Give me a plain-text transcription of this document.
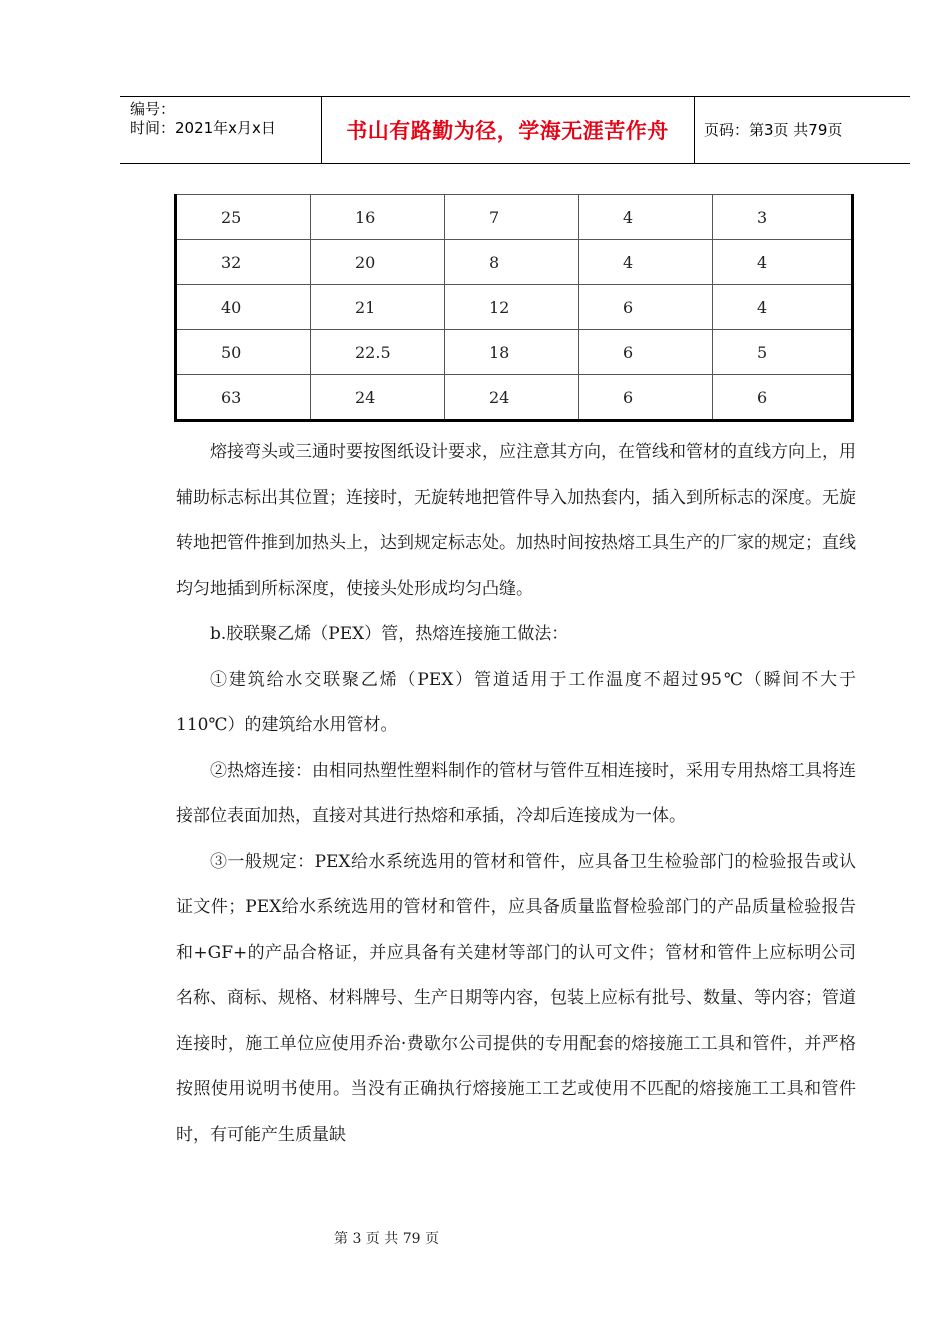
编号：
时间：2021年x月x日	书山有路勤为径，学海无涯苦作舟	页码：第3页 共79页
25	16	7	4	3
32	20	8	4	4
40	21	12	6	4
50	22.5	18	6	5
63	24	24	6	6

熔接弯头或三通时要按图纸设计要求，应注意其方向，在管线和管材的直线方向上，用辅助标志标出其位置；连接时，无旋转地把管件导入加热套内，插入到所标志的深度。无旋转地把管件推到加热头上，达到规定标志处。加热时间按热熔工具生产的厂家的规定；直线均匀地插到所标深度，使接头处形成均匀凸缝。

b.胶联聚乙烯（PEX）管，热熔连接施工做法：

①建筑给水交联聚乙烯（PEX）管道适用于工作温度不超过95℃（瞬间不大于110℃）的建筑给水用管材。

②热熔连接：由相同热塑性塑料制作的管材与管件互相连接时，采用专用热熔工具将连接部位表面加热，直接对其进行热熔和承插，冷却后连接成为一体。

③一般规定：PEX给水系统选用的管材和管件，应具备卫生检验部门的检验报告或认证文件；PEX给水系统选用的管材和管件，应具备质量监督检验部门的产品质量检验报告和+GF+的产品合格证，并应具备有关建材等部门的认可文件；管材和管件上应标明公司名称、商标、规格、材料牌号、生产日期等内容，包装上应标有批号、数量、等内容；管道连接时，施工单位应使用乔治·费歇尔公司提供的专用配套的熔接施工工具和管件，并严格按照使用说明书使用。当没有正确执行熔接施工工艺或使用不匹配的熔接施工工具和管件时，有可能产生质量缺

第 3 页 共 79 页
